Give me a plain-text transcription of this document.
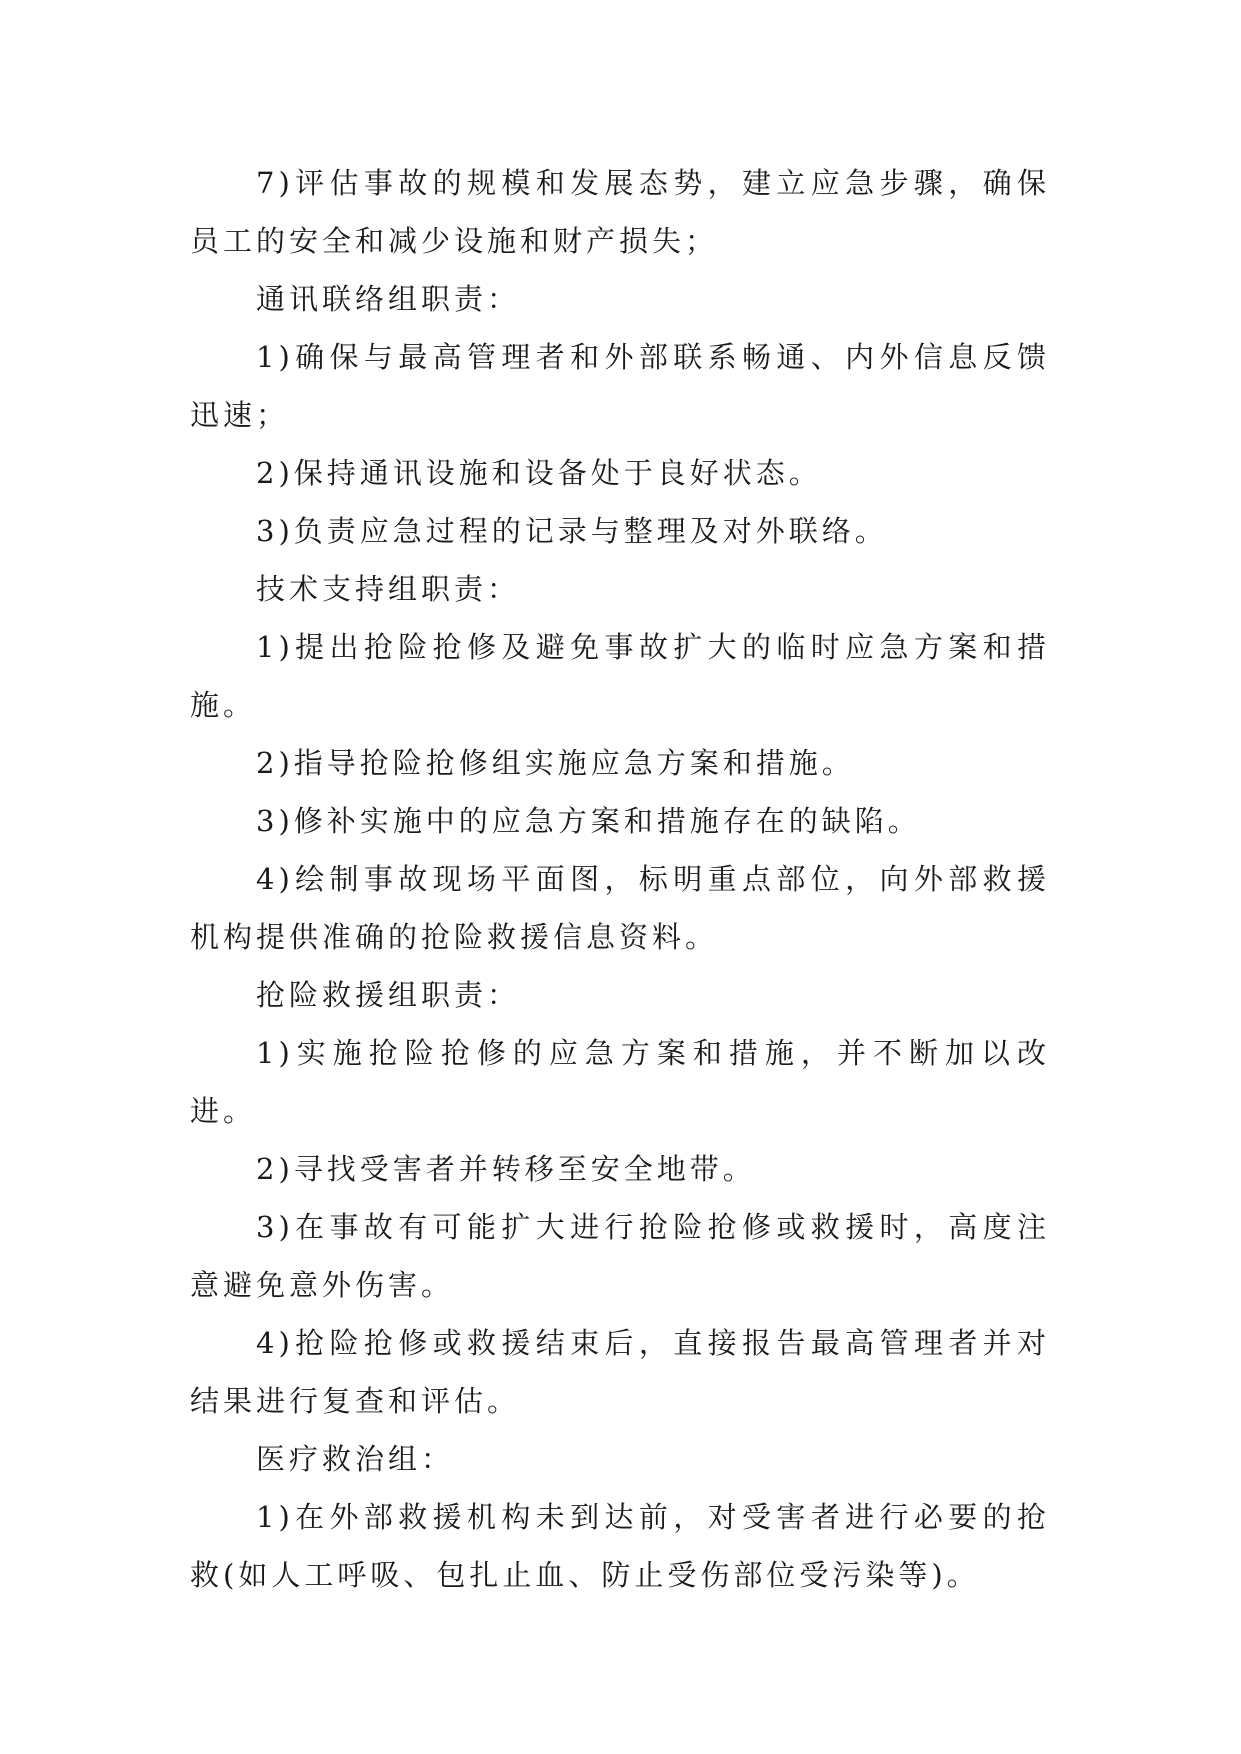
7)评估事故的规模和发展态势，建立应急步骤，确保员工的安全和减少设施和财产损失；

通讯联络组职责：

1)确保与最高管理者和外部联系畅通、内外信息反馈迅速；

2)保持通讯设施和设备处于良好状态。

3)负责应急过程的记录与整理及对外联络。

技术支持组职责：

1)提出抢险抢修及避免事故扩大的临时应急方案和措施。

2)指导抢险抢修组实施应急方案和措施。

3)修补实施中的应急方案和措施存在的缺陷。

4)绘制事故现场平面图，标明重点部位，向外部救援机构提供准确的抢险救援信息资料。

抢险救援组职责：

1)实施抢险抢修的应急方案和措施，并不断加以改进。

2)寻找受害者并转移至安全地带。

3)在事故有可能扩大进行抢险抢修或救援时，高度注意避免意外伤害。

4)抢险抢修或救援结束后，直接报告最高管理者并对结果进行复查和评估。

医疗救治组：

1)在外部救援机构未到达前，对受害者进行必要的抢救(如人工呼吸、包扎止血、防止受伤部位受污染等)。
